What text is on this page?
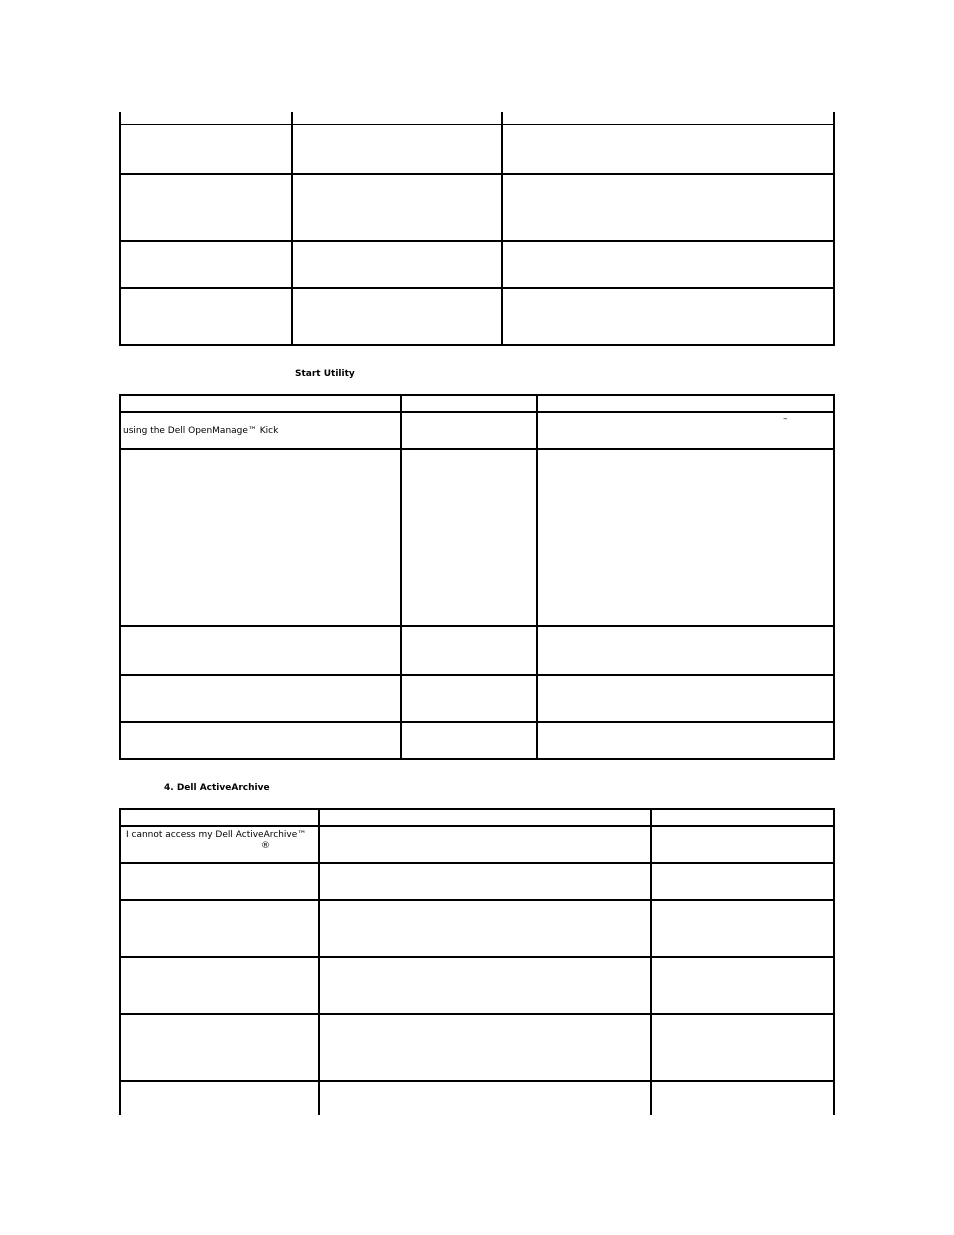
Start Utility
using the Dell OpenManage™ Kick
–
4. Dell ActiveArchive
I cannot access my Dell ActiveArchive™
®
